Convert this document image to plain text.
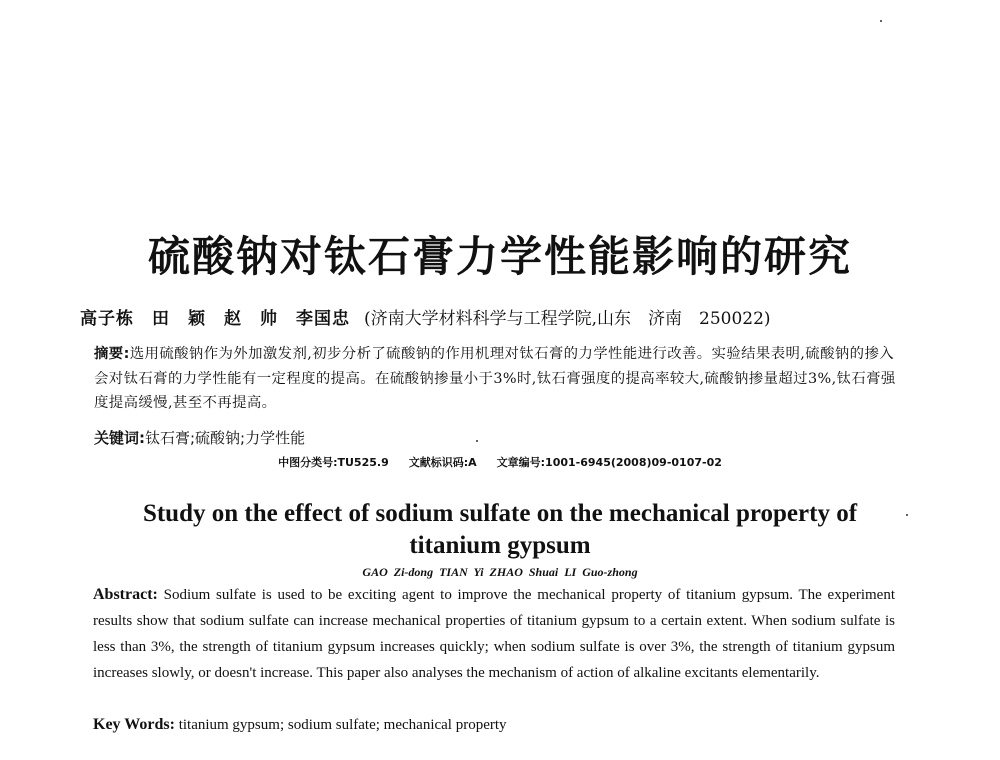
硫酸钠对钛石膏力学性能影响的研究
高子栋　田　颖　赵　帅　李国忠 (济南大学材料科学与工程学院,山东　济南　250022)
摘要:选用硫酸钠作为外加激发剂,初步分析了硫酸钠的作用机理对钛石膏的力学性能进行改善。实验结果表明,硫酸钠的掺入会对钛石膏的力学性能有一定程度的提高。在硫酸钠掺量小于3%时,钛石膏强度的提高率较大,硫酸钠掺量超过3%,钛石膏强度提高缓慢,甚至不再提高。
关键词:钛石膏;硫酸钠;力学性能
中图分类号:TU525.9 文献标识码:A 文章编号:1001-6945(2008)09-0107-02
Study on the effect of sodium sulfate on the mechanical property of titanium gypsum
GAO Zi-dong TIAN Yi ZHAO Shuai LI Guo-zhong
Abstract: Sodium sulfate is used to be exciting agent to improve the mechanical property of titanium gypsum. The experiment results show that sodium sulfate can increase mechanical properties of titanium gypsum to a certain extent. When sodium sulfate is less than 3%, the strength of titanium gypsum increases quickly; when sodium sulfate is over 3%, the strength of titanium gypsum increases slowly, or doesn't increase. This paper also analyses the mechanism of action of alkaline excitants elementarily.
Key Words: titanium gypsum; sodium sulfate; mechanical property
